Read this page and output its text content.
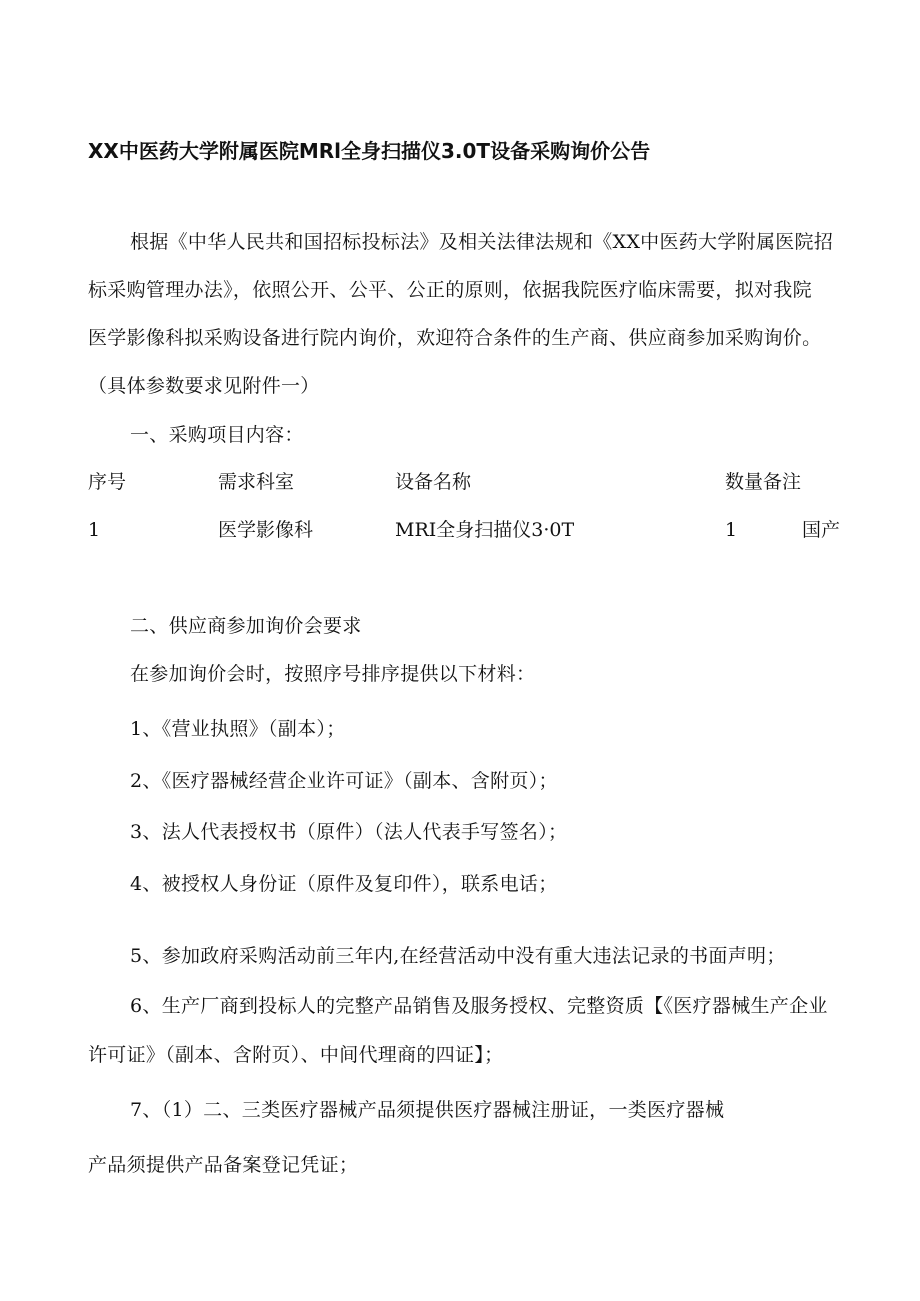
XX中医药大学附属医院MRl全身扫描仪3.0T设备采购询价公告
根据《中华人民共和国招标投标法》及相关法律法规和《XX中医药大学附属医院招
标采购管理办法》，依照公开、公平、公正的原则，依据我院医疗临床需要，拟对我院
医学影像科拟采购设备进行院内询价，欢迎符合条件的生产商、供应商参加采购询价。
（具体参数要求见附件一）
一、采购项目内容：
序号	需求科室	设备名称	数量备注
1	医学影像科	MRI全身扫描仪3·0T	1	国产
二、供应商参加询价会要求
在参加询价会时，按照序号排序提供以下材料：
1、《营业执照》（副本）；
2、《医疗器械经营企业许可证》（副本、含附页）；
3、法人代表授权书（原件）（法人代表手写签名）；
4、被授权人身份证（原件及复印件），联系电话；
5、参加政府采购活动前三年内,在经营活动中没有重大违法记录的书面声明；
6、生产厂商到投标人的完整产品销售及服务授权、完整资质【《医疗器械生产企业
许可证》（副本、含附页）、中间代理商的四证】；
7、（1）二、三类医疗器械产品须提供医疗器械注册证，一类医疗器械
产品须提供产品备案登记凭证；
